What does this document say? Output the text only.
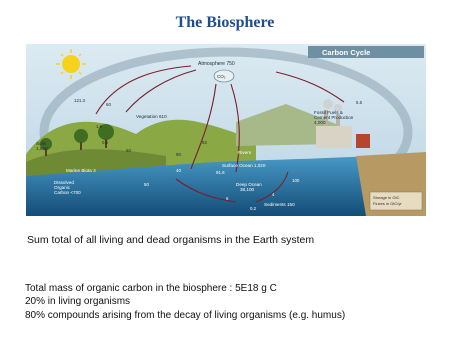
The Biosphere
Carbon Cycle
Atmosphere 750
CO₂
Vegetation 610
Soils
1,580
Fossil Fuels &
Cement Production
4,000
Rivers
Surface Ocean 1,020
Marine Biota 3
Dissolved
Organic
Carbon <700
Deep Ocean
38,100
Sediments 150
Storage in GtC
Fluxes in GtC/yr
121.3
60
1.6
0.5
60
5.5
92
90
40
50
100
91.6
6
4
0.2
Sum total of all living and dead organisms in the Earth system
Total mass of organic carbon in the biosphere : 5E18 g C
20% in living organisms
80% compounds arising from the decay of living organisms (e.g. humus)
